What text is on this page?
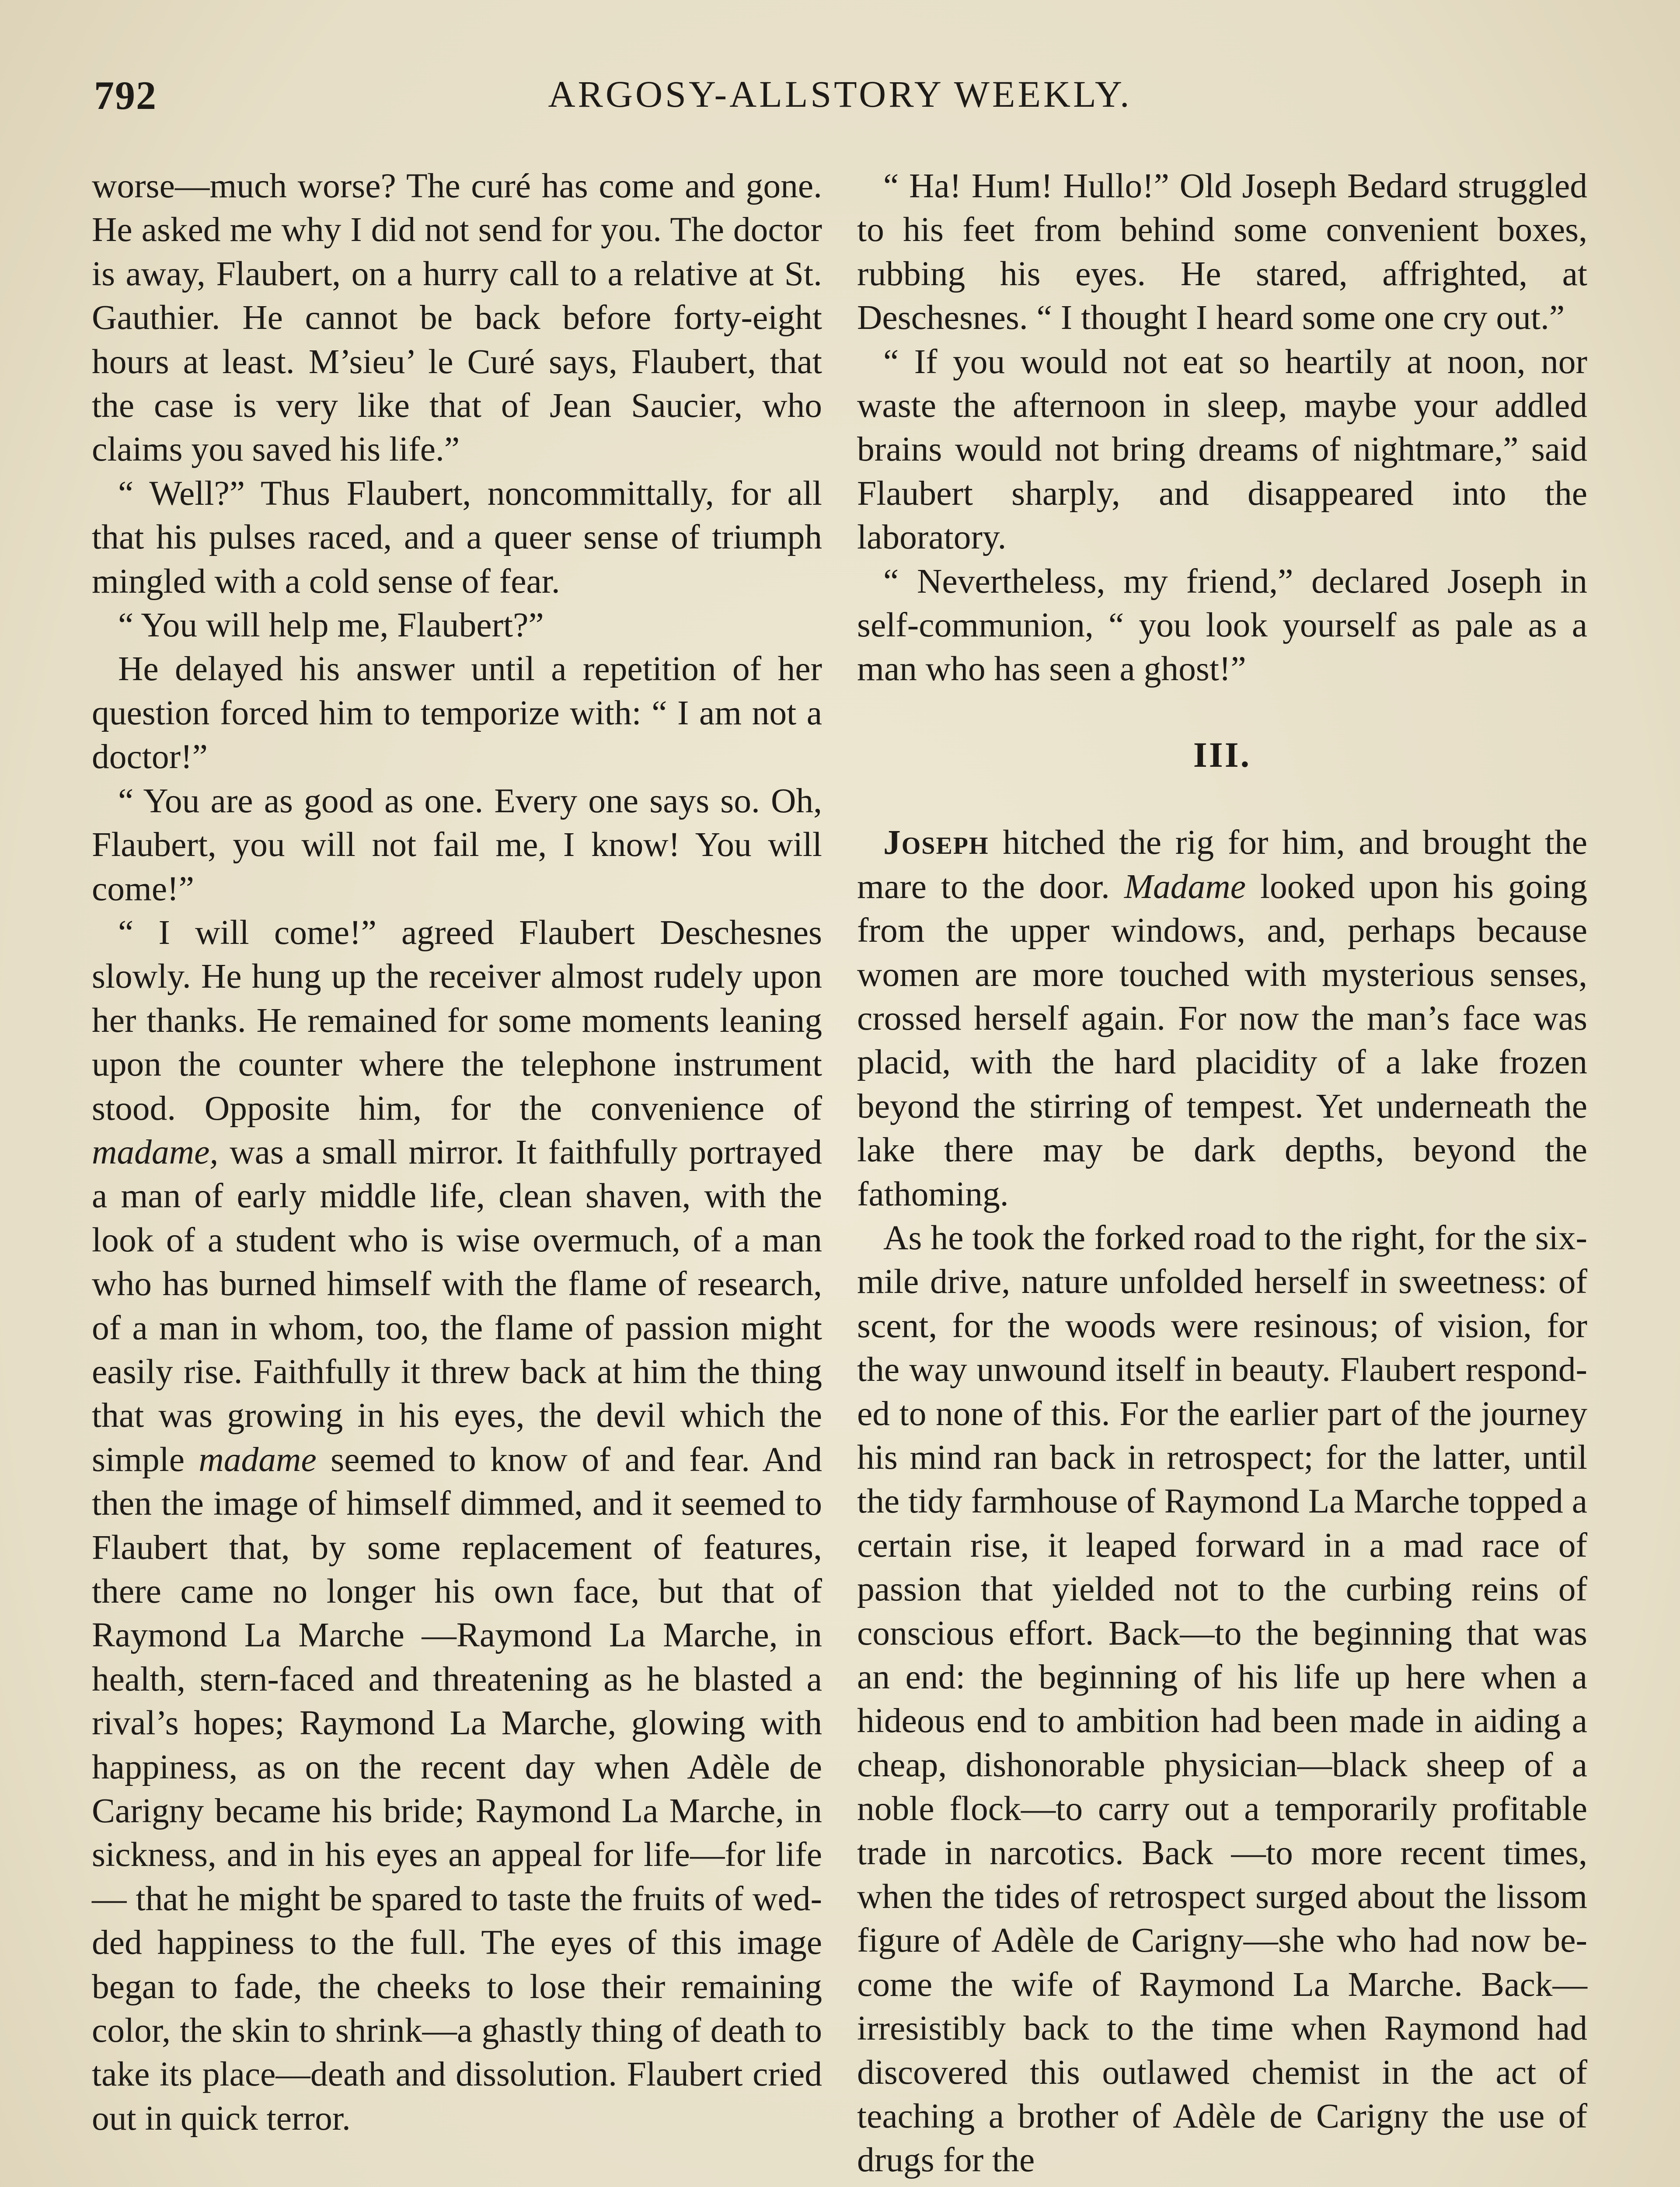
792	ARGOSY-ALLSTORY WEEKLY.

worse—much worse? The curé has come and gone. He asked me why I did not send for you. The doctor is away, Flaubert, on a hurry call to a relative at St. Gauthier. He cannot be back before forty-eight hours at least. M’sieu’ le Curé says, Flaubert, that the case is very like that of Jean Saucier, who claims you saved his life.”

“ Well?” Thus Flaubert, noncommittally, for all that his pulses raced, and a queer sense of triumph mingled with a cold sense of fear.

“ You will help me, Flaubert?”

He delayed his answer until a repetition of her question forced him to temporize with: “ I am not a doctor!”

“ You are as good as one. Every one says so. Oh, Flaubert, you will not fail me, I know! You will come!”

“ I will come!” agreed Flaubert Deschesnes slowly. He hung up the receiver almost rudely upon her thanks. He remained for some moments leaning upon the counter where the telephone instrument stood. Opposite him, for the convenience of madame, was a small mirror. It faithfully portrayed a man of early middle life, clean shaven, with the look of a student who is wise overmuch, of a man who has burned himself with the flame of research, of a man in whom, too, the flame of passion might easily rise. Faithfully it threw back at him the thing that was growing in his eyes, the devil which the simple madame seemed to know of and fear. And then the image of himself dimmed, and it seemed to Flaubert that, by some replacement of features, there came no longer his own face, but that of Raymond La Marche —Raymond La Marche, in health, stern-faced and threatening as he blasted a rival’s hopes; Raymond La Marche, glowing with happiness, as on the recent day when Adèle de Carigny became his bride; Raymond La Marche, in sickness, and in his eyes an appeal for life—for life— that he might be spared to taste the fruits of wedded happiness to the full. The eyes of this image began to fade, the cheeks to lose their remaining color, the skin to shrink—a ghastly thing of death to take its place—death and dissolution. Flaubert cried out in quick terror.

“ Ha! Hum! Hullo!” Old Joseph Bedard struggled to his feet from behind some convenient boxes, rubbing his eyes. He stared, affrighted, at Deschesnes. “ I thought I heard some one cry out.”

“ If you would not eat so heartily at noon, nor waste the afternoon in sleep, maybe your addled brains would not bring dreams of nightmare,” said Flaubert sharply, and disappeared into the laboratory.

“ Nevertheless, my friend,” declared Joseph in self-communion, “ you look yourself as pale as a man who has seen a ghost!”

III.

Joseph hitched the rig for him, and brought the mare to the door. Madame looked upon his going from the upper windows, and, perhaps because women are more touched with mysterious senses, crossed herself again. For now the man’s face was placid, with the hard placidity of a lake frozen beyond the stirring of tempest. Yet underneath the lake there may be dark depths, beyond the fathoming.

As he took the forked road to the right, for the six-mile drive, nature unfolded herself in sweetness: of scent, for the woods were resinous; of vision, for the way unwound itself in beauty. Flaubert responded to none of this. For the earlier part of the journey his mind ran back in retrospect; for the latter, until the tidy farmhouse of Raymond La Marche topped a certain rise, it leaped forward in a mad race of passion that yielded not to the curbing reins of conscious effort. Back—to the beginning that was an end: the beginning of his life up here when a hideous end to ambition had been made in aiding a cheap, dishonorable physician—black sheep of a noble flock—to carry out a temporarily profitable trade in narcotics. Back —to more recent times, when the tides of retrospect surged about the lissom figure of Adèle de Carigny—she who had now become the wife of Raymond La Marche. Back—irresistibly back to the time when Raymond had discovered this outlawed chemist in the act of teaching a brother of Adèle de Carigny the use of drugs for the
